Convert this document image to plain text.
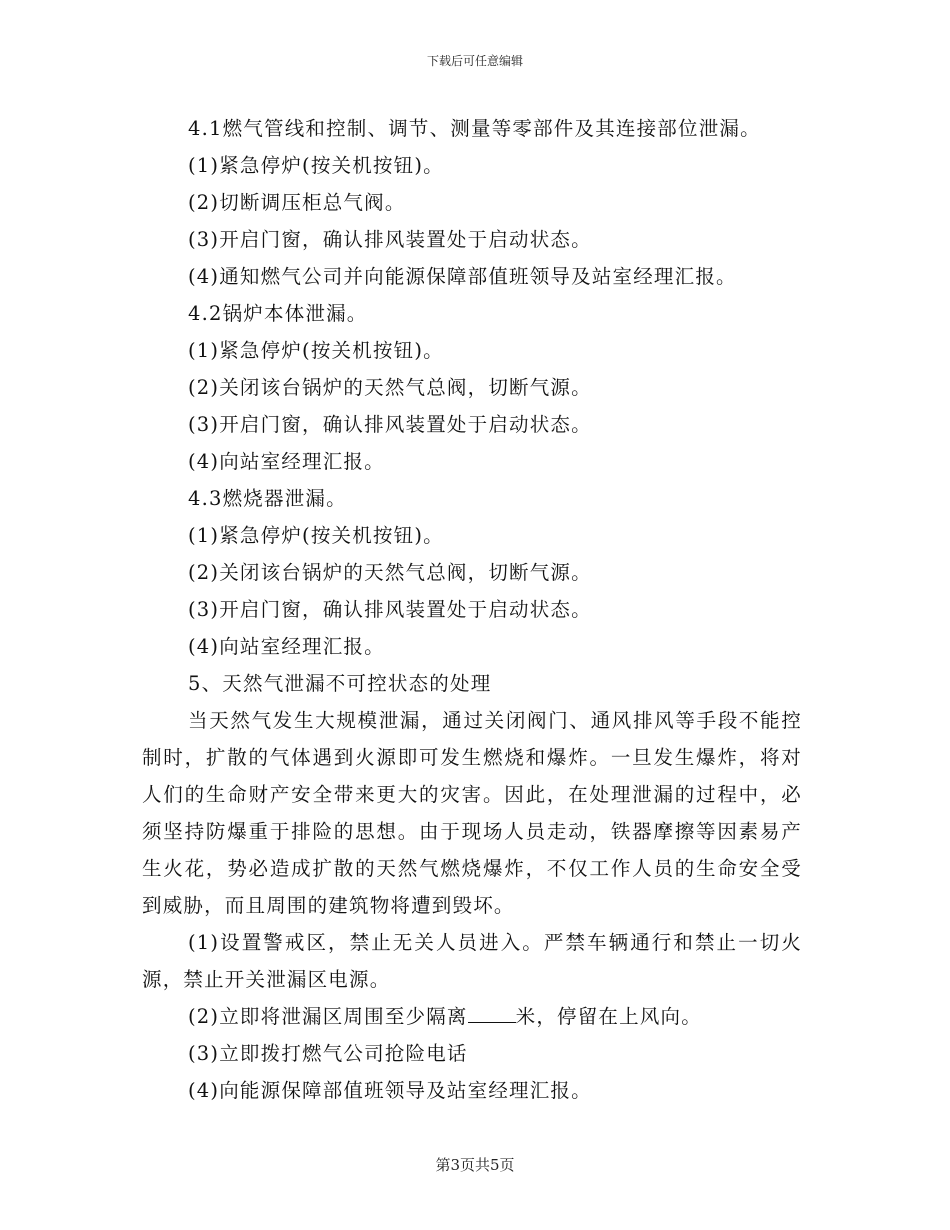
下载后可任意编辑

4.1燃气管线和控制、调节、测量等零部件及其连接部位泄漏。

(1)紧急停炉(按关机按钮)。

(2)切断调压柜总气阀。

(3)开启门窗，确认排风装置处于启动状态。

(4)通知燃气公司并向能源保障部值班领导及站室经理汇报。

4.2锅炉本体泄漏。

(1)紧急停炉(按关机按钮)。

(2)关闭该台锅炉的天然气总阀，切断气源。

(3)开启门窗，确认排风装置处于启动状态。

(4)向站室经理汇报。

4.3燃烧器泄漏。

(1)紧急停炉(按关机按钮)。

(2)关闭该台锅炉的天然气总阀，切断气源。

(3)开启门窗，确认排风装置处于启动状态。

(4)向站室经理汇报。

5、天然气泄漏不可控状态的处理

当天然气发生大规模泄漏，通过关闭阀门、通风排风等手段不能控制时，扩散的气体遇到火源即可发生燃烧和爆炸。一旦发生爆炸，将对人们的生命财产安全带来更大的灾害。因此，在处理泄漏的过程中，必须坚持防爆重于排险的思想。由于现场人员走动，铁器摩擦等因素易产生火花，势必造成扩散的天然气燃烧爆炸，不仅工作人员的生命安全受到威胁，而且周围的建筑物将遭到毁坏。

(1)设置警戒区，禁止无关人员进入。严禁车辆通行和禁止一切火源，禁止开关泄漏区电源。

(2)立即将泄漏区周围至少隔离 米，停留在上风向。

(3)立即拨打燃气公司抢险电话

(4)向能源保障部值班领导及站室经理汇报。

第3页共5页
